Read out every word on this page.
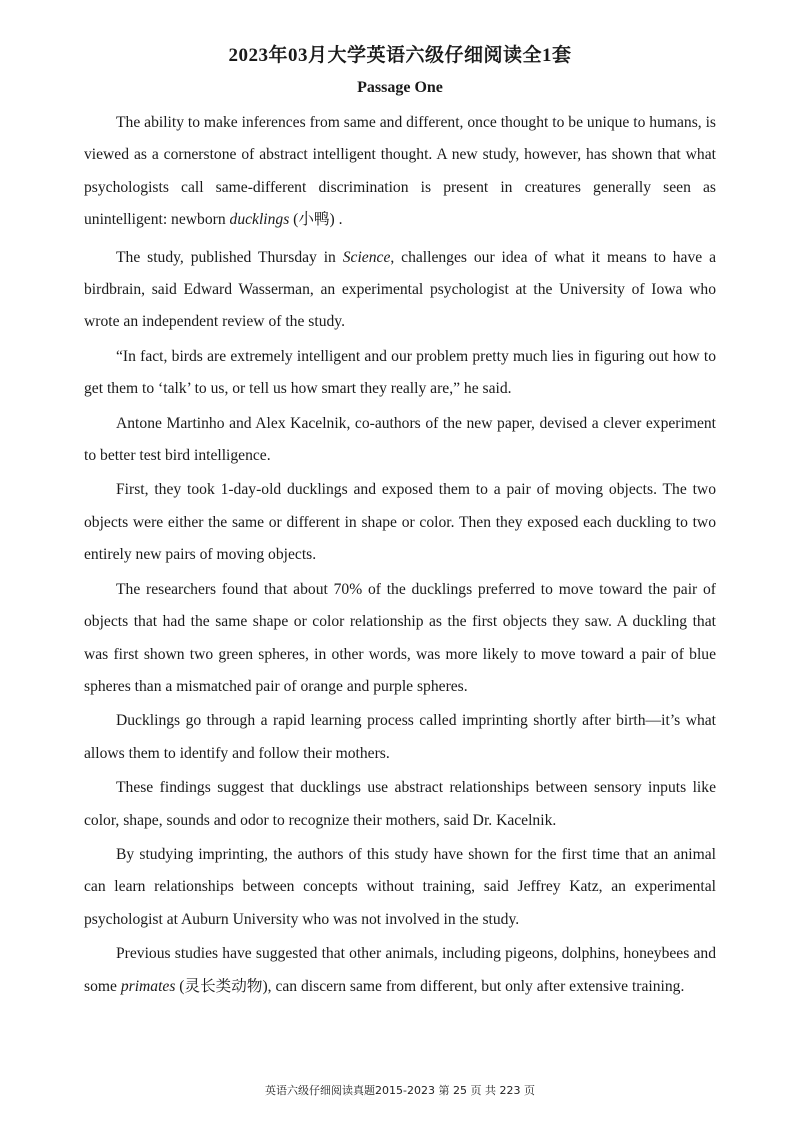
2023年03月大学英语六级仔细阅读全1套
Passage One

The ability to make inferences from same and different, once thought to be unique to humans, is viewed as a cornerstone of abstract intelligent thought. A new study, however, has shown that what psychologists call same-different discrimination is present in creatures generally seen as unintelligent: newborn ducklings (小鸭) .

The study, published Thursday in Science, challenges our idea of what it means to have a birdbrain, said Edward Wasserman, an experimental psychologist at the University of Iowa who wrote an independent review of the study.

“In fact, birds are extremely intelligent and our problem pretty much lies in figuring out how to get them to ‘talk’ to us, or tell us how smart they really are,” he said.

Antone Martinho and Alex Kacelnik, co-authors of the new paper, devised a clever experiment to better test bird intelligence.

First, they took 1-day-old ducklings and exposed them to a pair of moving objects. The two objects were either the same or different in shape or color. Then they exposed each duckling to two entirely new pairs of moving objects.

The researchers found that about 70% of the ducklings preferred to move toward the pair of objects that had the same shape or color relationship as the first objects they saw. A duckling that was first shown two green spheres, in other words, was more likely to move toward a pair of blue spheres than a mismatched pair of orange and purple spheres.

Ducklings go through a rapid learning process called imprinting shortly after birth—it’s what allows them to identify and follow their mothers.

These findings suggest that ducklings use abstract relationships between sensory inputs like color, shape, sounds and odor to recognize their mothers, said Dr. Kacelnik.

By studying imprinting, the authors of this study have shown for the first time that an animal can learn relationships between concepts without training, said Jeffrey Katz, an experimental psychologist at Auburn University who was not involved in the study.

Previous studies have suggested that other animals, including pigeons, dolphins, honeybees and some primates (灵长类动物), can discern same from different, but only after extensive training.

英语六级仔细阅读真题2015-2023 第 25 页 共 223 页
